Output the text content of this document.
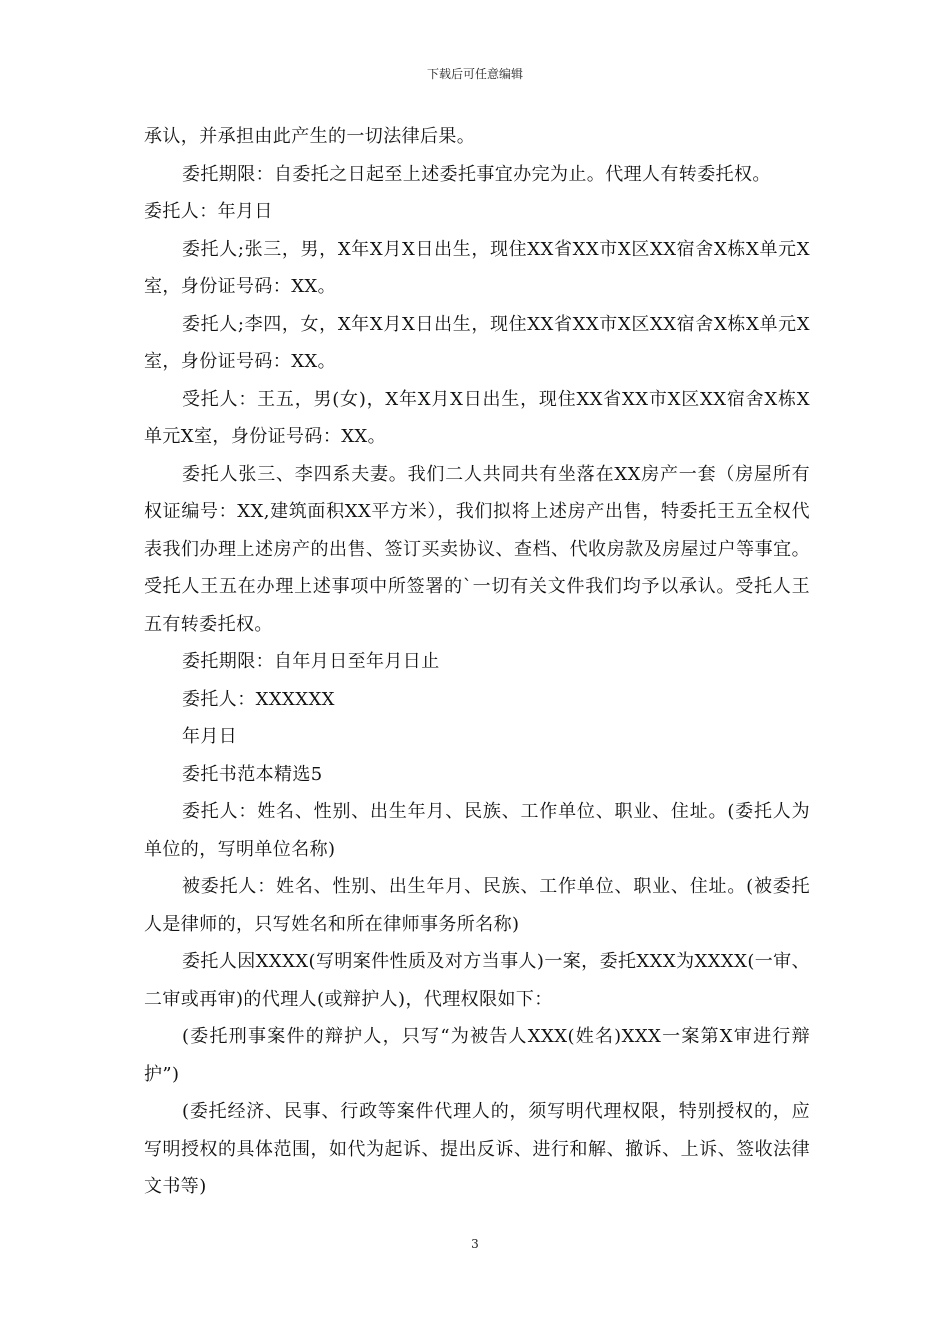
下载后可任意编辑

承认，并承担由此产生的一切法律后果。

委托期限：自委托之日起至上述委托事宜办完为止。代理人有转委托权。

委托人：年月日

委托人;张三，男，X年X月X日出生，现住XX省XX市X区XX宿舍X栋X单元X室，身份证号码：XX。

委托人;李四，女，X年X月X日出生，现住XX省XX市X区XX宿舍X栋X单元X室，身份证号码：XX。

受托人：王五，男(女)，X年X月X日出生，现住XX省XX市X区XX宿舍X栋X单元X室，身份证号码：XX。

委托人张三、李四系夫妻。我们二人共同共有坐落在XX房产一套（房屋所有权证编号：XX,建筑面积XX平方米），我们拟将上述房产出售，特委托王五全权代表我们办理上述房产的出售、签订买卖协议、查档、代收房款及房屋过户等事宜。受托人王五在办理上述事项中所签署的`一切有关文件我们均予以承认。受托人王五有转委托权。

委托期限：自年月日至年月日止

委托人：XXXXXX

年月日

委托书范本精选5

委托人：姓名、性别、出生年月、民族、工作单位、职业、住址。(委托人为单位的，写明单位名称)

被委托人：姓名、性别、出生年月、民族、工作单位、职业、住址。(被委托人是律师的，只写姓名和所在律师事务所名称)

委托人因XXXX(写明案件性质及对方当事人)一案，委托XXX为XXXX(一审、二审或再审)的代理人(或辩护人)，代理权限如下：

(委托刑事案件的辩护人，只写“为被告人XXX(姓名)XXX一案第X审进行辩护”)

(委托经济、民事、行政等案件代理人的，须写明代理权限，特别授权的，应写明授权的具体范围，如代为起诉、提出反诉、进行和解、撤诉、上诉、签收法律文书等)

3
